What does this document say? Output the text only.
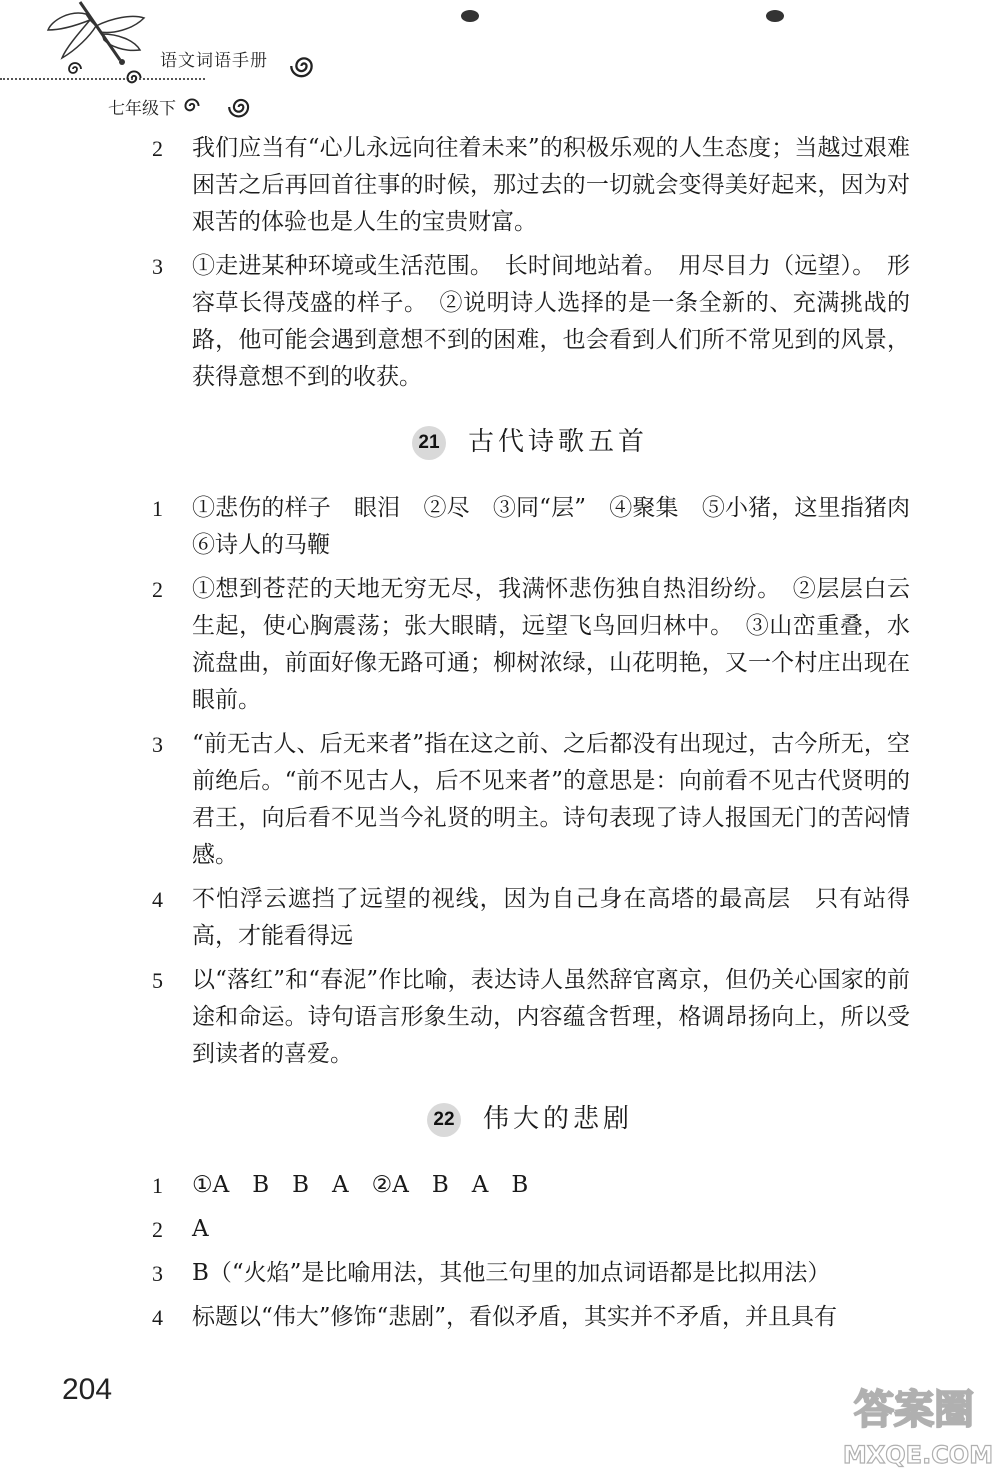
语文词语手册
七年级下
2 我们应当有“心儿永远向往着未来”的积极乐观的人生态度；当越过艰难困苦之后再回首往事的时候，那过去的一切就会变得美好起来，因为对艰苦的体验也是人生的宝贵财富。
3 ①走进某种环境或生活范围。　长时间地站着。　用尽目力（远望）。　形容草长得茂盛的样子。　②说明诗人选择的是一条全新的、充满挑战的路，他可能会遇到意想不到的困难，也会看到人们所不常见到的风景，获得意想不到的收获。
21 古代诗歌五首
1 ①悲伤的样子　眼泪　②尽　③同“层”　④聚集　⑤小猪，这里指猪肉　⑥诗人的马鞭
2 ①想到苍茫的天地无穷无尽，我满怀悲伤独自热泪纷纷。　②层层白云生起，使心胸震荡；张大眼睛，远望飞鸟回归林中。　③山峦重叠，水流盘曲，前面好像无路可通；柳树浓绿，山花明艳，又一个村庄出现在眼前。
3 “前无古人、后无来者”指在这之前、之后都没有出现过，古今所无，空前绝后。“前不见古人，后不见来者”的意思是：向前看不见古代贤明的君王，向后看不见当今礼贤的明主。诗句表现了诗人报国无门的苦闷情感。
4 不怕浮云遮挡了远望的视线，因为自己身在高塔的最高层　只有站得高，才能看得远
5 以“落红”和“春泥”作比喻，表达诗人虽然辞官离京，但仍关心国家的前途和命运。诗句语言形象生动，内容蕴含哲理，格调昂扬向上，所以受到读者的喜爱。
22 伟大的悲剧
1 ①A　B　B　A　②A　B　A　B
2 A
3 B（“火焰”是比喻用法，其他三句里的加点词语都是比拟用法）
4 标题以“伟大”修饰“悲剧”，看似矛盾，其实并不矛盾，并且具有
204	答案圈
MXQE.COM
